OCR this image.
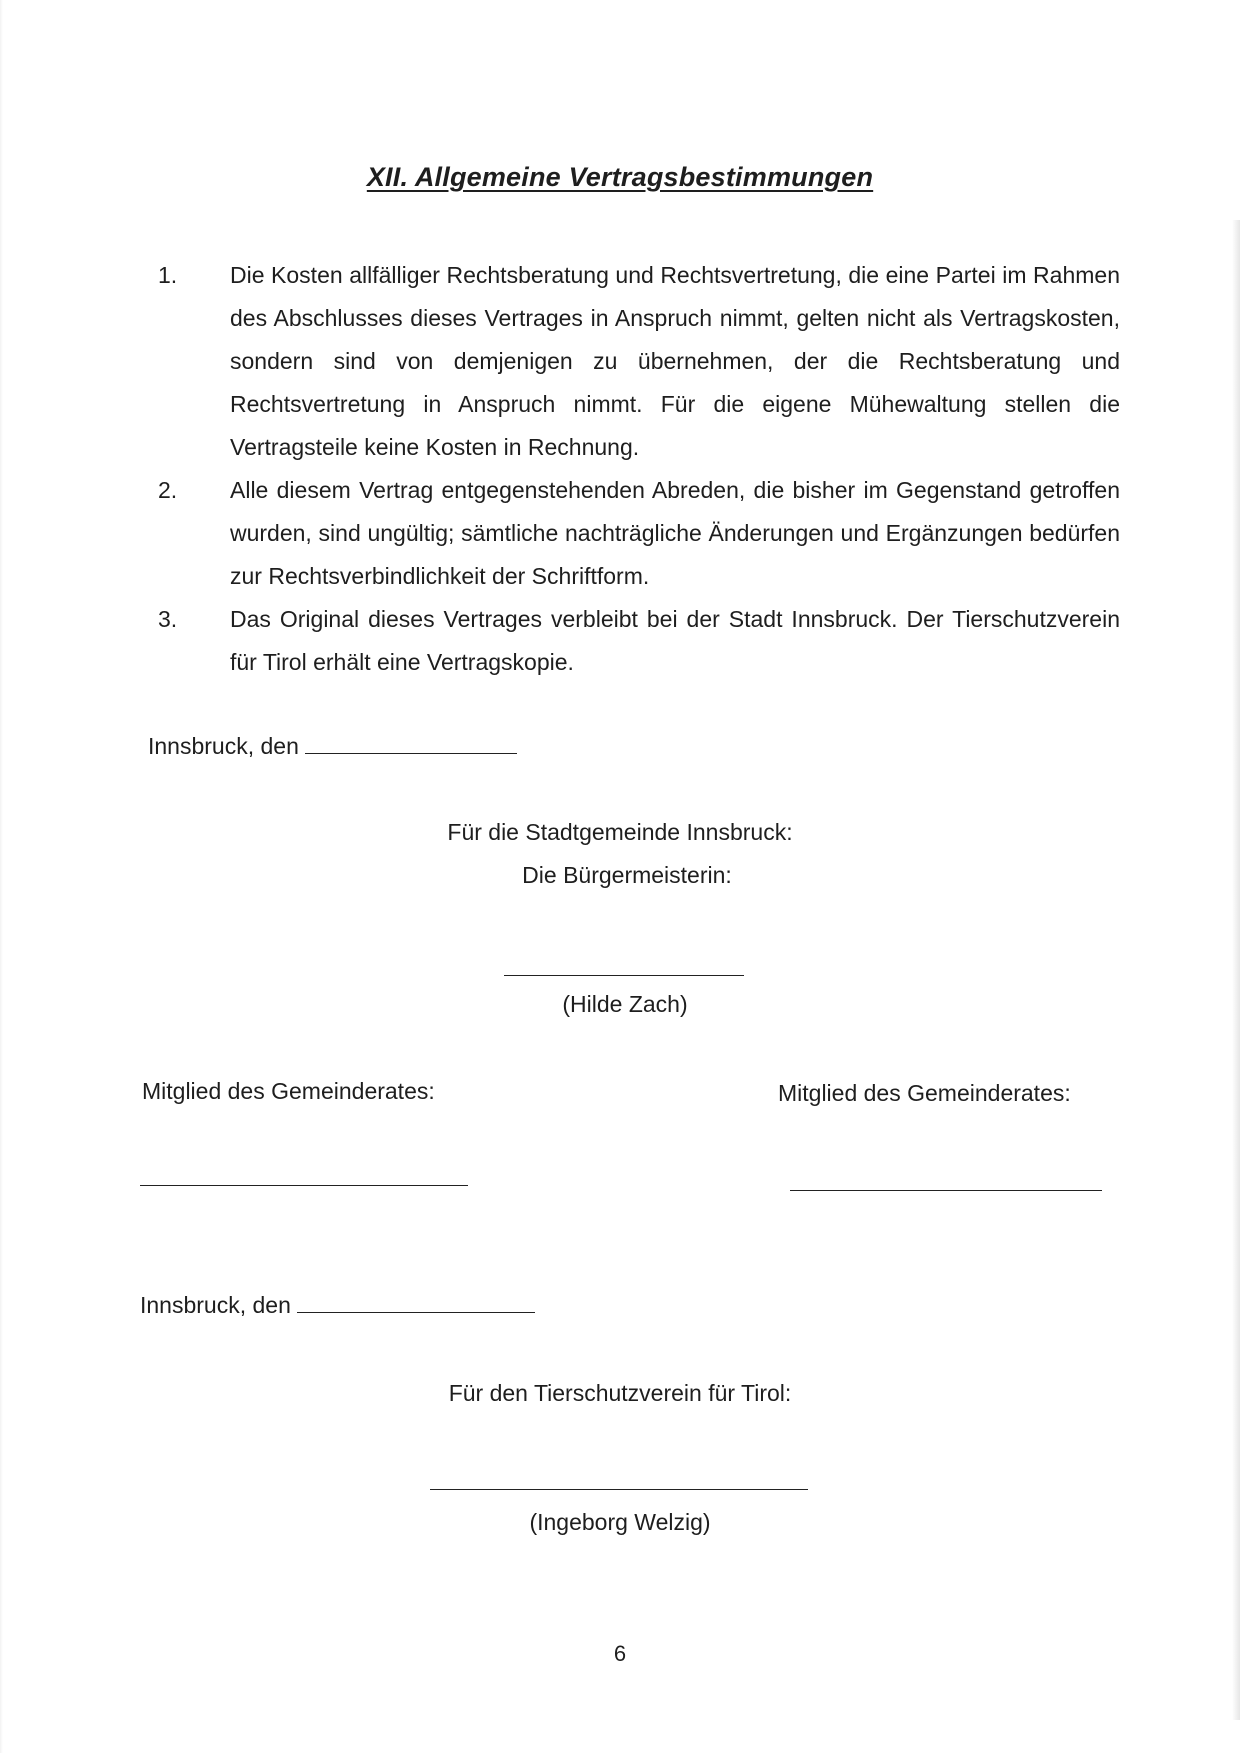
XII. Allgemeine Vertragsbestimmungen
1.	Die Kosten allfälliger Rechtsberatung und Rechtsvertretung, die eine Partei im Rahmen des Abschlusses dieses Vertrages in Anspruch nimmt, gelten nicht als Vertragskosten, sondern sind von demjenigen zu übernehmen, der die Rechtsberatung und Rechtsvertretung in Anspruch nimmt. Für die eigene Mühewaltung stellen die Vertragsteile keine Kosten in Rechnung.
2.	Alle diesem Vertrag entgegenstehenden Abreden, die bisher im Gegenstand getroffen wurden, sind ungültig; sämtliche nachträgliche Änderungen und Ergänzungen bedürfen zur Rechtsverbindlichkeit der Schriftform.
3.	Das Original dieses Vertrages verbleibt bei der Stadt Innsbruck. Der Tierschutzverein für Tirol erhält eine Vertragskopie.
Innsbruck, den
Für die Stadtgemeinde Innsbruck:
Die Bürgermeisterin:
(Hilde Zach)
Mitglied des Gemeinderates:	Mitglied des Gemeinderates:
Innsbruck, den
Für den Tierschutzverein für Tirol:
(Ingeborg Welzig)
6
